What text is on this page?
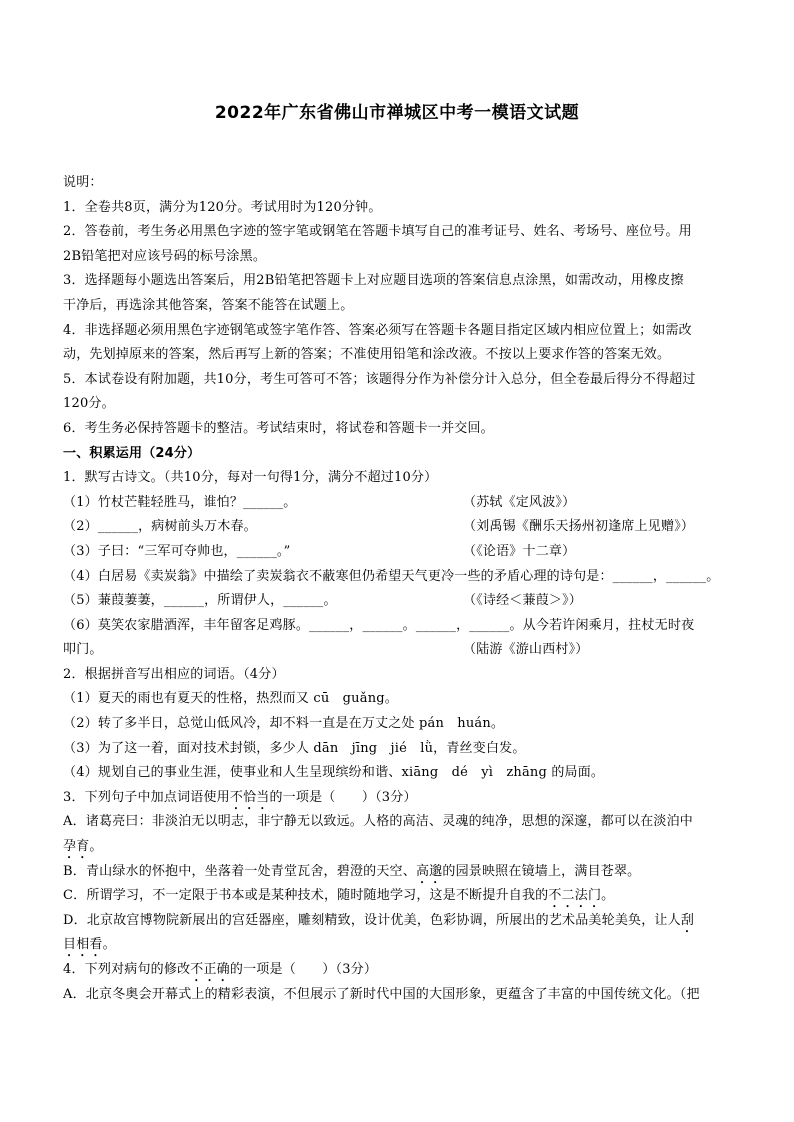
2022年广东省佛山市禅城区中考一模语文试题
说明：
1．全卷共8页，满分为120分。考试用时为120分钟。
2．答卷前，考生务必用黑色字迹的签字笔或钢笔在答题卡填写自己的准考证号、姓名、考场号、座位号。用
2B铅笔把对应该号码的标号涂黑。
3．选择题每小题选出答案后，用2B铅笔把答题卡上对应题目选项的答案信息点涂黑，如需改动，用橡皮擦
干净后，再选涂其他答案，答案不能答在试题上。
4．非选择题必须用黑色字迹钢笔或签字笔作答、答案必须写在答题卡各题目指定区域内相应位置上；如需改
动，先划掉原来的答案，然后再写上新的答案；不准使用铅笔和涂改液。不按以上要求作答的答案无效。
5．本试卷设有附加题，共10分，考生可答可不答；该题得分作为补偿分计入总分，但全卷最后得分不得超过
120分。
6．考生务必保持答题卡的整洁。考试结束时，将试卷和答题卡一并交回。
一、积累运用（24分）
1．默写古诗文。（共10分，每对一句得1分，满分不超过10分）
（1）竹杖芒鞋轻胜马，谁怕？______。	（苏轼《定风波》）
（2）______，病树前头万木春。	（刘禹锡《酬乐天扬州初逢席上见赠》）
（3）子曰：“三军可夺帅也，______。”	（《论语》十二章）
（4）白居易《卖炭翁》中描绘了卖炭翁衣不蔽寒但仍希望天气更冷一些的矛盾心理的诗句是：______，______。
（5）蒹葭萋萋，______，所谓伊人，______。	（《诗经＜蒹葭＞》）
（6）莫笑农家腊酒浑，丰年留客足鸡豚。______，______。______，______。从今若许闲乘月，拄杖无时夜
叩门。	（陆游《游山西村》）
2．根据拼音写出相应的词语。（4分）
（1）夏天的雨也有夏天的性格，热烈而又 cū　guǎng。
（2）转了多半日，总觉山低风冷，却不料一直是在万丈之处 pán　huán。
（3）为了这一着，面对技术封锁，多少人 dān　jīng　jié　lǜ，青丝变白发。
（4）规划自己的事业生涯，使事业和人生呈现缤纷和谐、xiāng　dé　yì　zhāng 的局面。
3．下列句子中加点词语使用不恰当的一项是（　　）（3分）
A．诸葛亮曰：非淡泊无以明志，非宁静无以致远。人格的高洁、灵魂的纯净，思想的深邃，都可以在淡泊中
孕育。
B．青山绿水的怀抱中，坐落着一处青堂瓦舍，碧澄的天空、高邈的园景映照在镜墙上，满目苍翠。
C．所谓学习，不一定限于书本或是某种技术，随时随地学习，这是不断提升自我的不二法门。
D．北京故宫博物院新展出的宫廷器座，雕刻精致，设计优美，色彩协调，所展出的艺术品美轮美奂，让人刮
目相看。
4．下列对病句的修改不正确的一项是（　　）（3分）
A．北京冬奥会开幕式上的精彩表演，不但展示了新时代中国的大国形象，更蕴含了丰富的中国传统文化。（把
